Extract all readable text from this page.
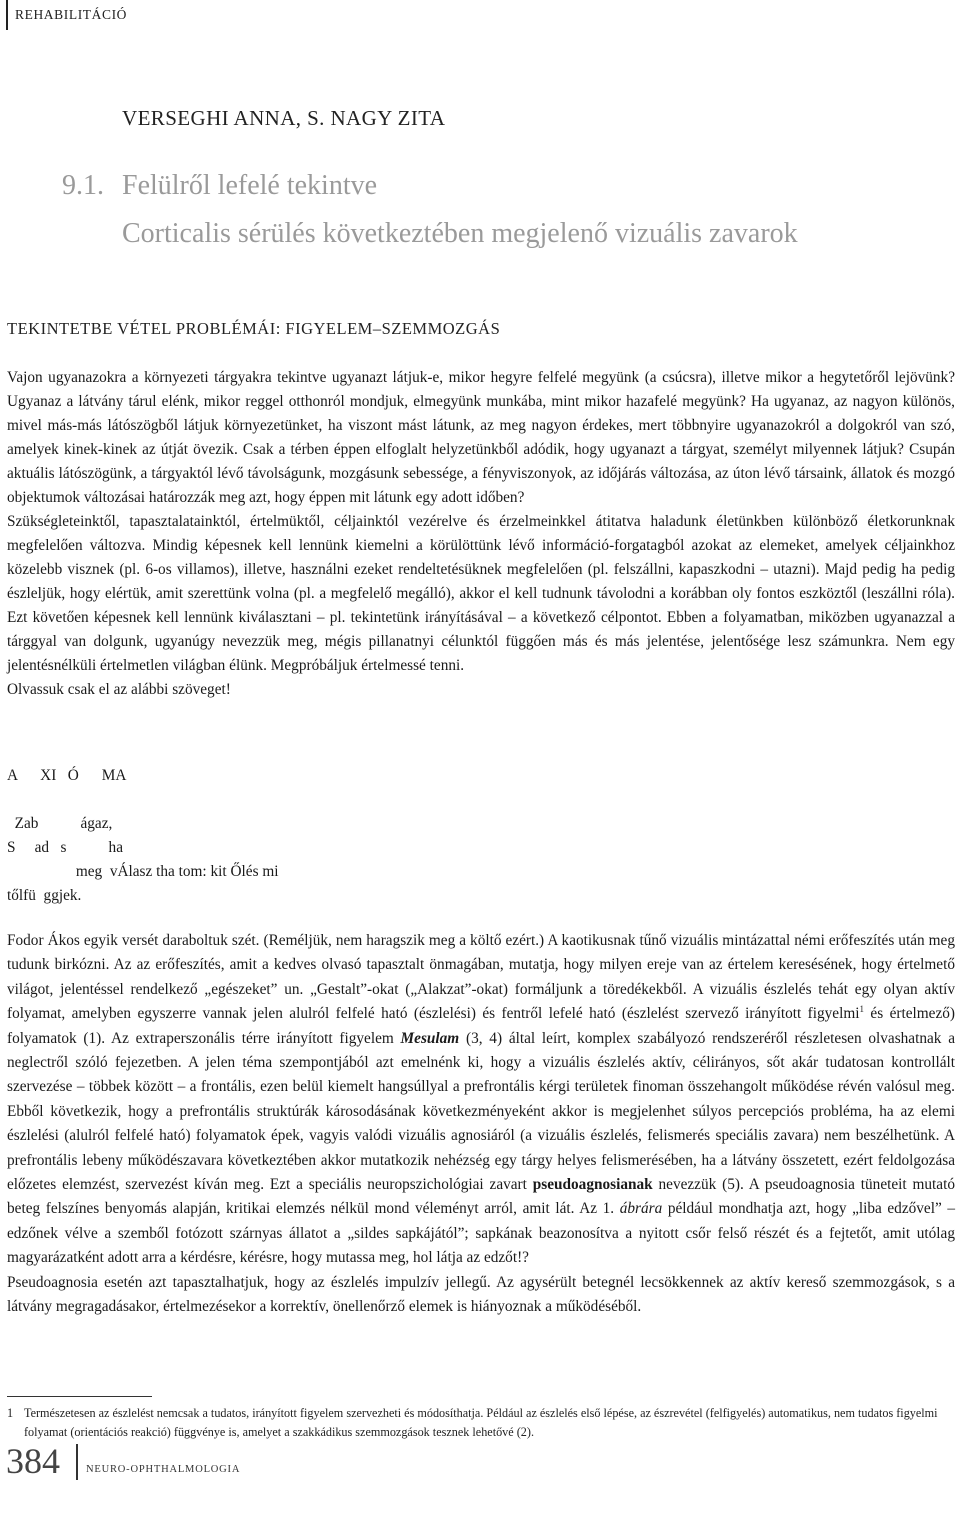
REHABILITÁCIÓ
VERSEGHI ANNA, S. NAGY ZITA
9.1. Felülről lefelé tekintve
Corticalis sérülés következtében megjelenő vizuális zavarok
TEKINTETBE VÉTEL PROBLÉMÁI: FIGYELEM–SZEMMOZGÁS

Vajon ugyanazokra a környezeti tárgyakra tekintve ugyanazt látjuk-e, mikor hegyre felfelé megyünk (a csúcsra), illetve mikor a hegytetőről lejövünk? Ugyanaz a látvány tárul elénk, mikor reggel otthonról mondjuk, elmegyünk munkába, mint mikor hazafelé megyünk? Ha ugyanaz, az nagyon különös, mivel más-más látószögből látjuk környezetünket, ha viszont mást látunk, az meg nagyon érdekes, mert többnyire ugyanazokról a dolgokról van szó, amelyek kinek-kinek az útját övezik. Csak a térben éppen elfoglalt helyzetünkből adódik, hogy ugyanazt a tárgyat, személyt milyennek látjuk? Csupán aktuális látószögünk, a tárgyaktól lévő távolságunk, mozgásunk sebessége, a fényviszonyok, az időjárás változása, az úton lévő társaink, állatok és mozgó objektumok változásai határozzák meg azt, hogy éppen mit látunk egy adott időben?

Szükségleteinktől, tapasztalatainktól, értelmüktől, céljainktól vezérelve és érzelmeinkkel átitatva haladunk életünkben különböző életkorunknak megfelelően változva. Mindig képesnek kell lennünk kiemelni a körülöttünk lévő információ-forgatagból azokat az elemeket, amelyek céljainkhoz közelebb visznek (pl. 6-os villamos), illetve, használni ezeket rendeltetésüknek megfelelően (pl. felszállni, kapaszkodni – utazni). Majd pedig ha pedig észleljük, hogy elértük, amit szerettünk volna (pl. a megfelelő megálló), akkor el kell tudnunk távolodni a korábban oly fontos eszköztől (leszállni róla). Ezt követően képesnek kell lennünk kiválasztani – pl. tekintetünk irányításával – a következő célpontot. Ebben a folyamatban, miközben ugyanazzal a tárggyal van dolgunk, ugyanúgy nevezzük meg, mégis pillanatnyi célunktól függően más és más jelentése, jelentősége lesz számunkra. Nem egy jelentésnélküli értelmetlen világban élünk. Megpróbáljuk értelmessé tenni.

Olvassuk csak el az alábbi szöveget!

A      XI   Ó      MA
Zab           ágaz,
S     ad   s           ha
meg  vÁlasz tha tom: kit Őlés mi
tőlfü  ggjek.

Fodor Ákos egyik versét daraboltuk szét. (Reméljük, nem haragszik meg a költő ezért.) A kaotikusnak tűnő vizuális mintázattal némi erőfeszítés után meg tudunk birkózni. Az az erőfeszítés, amit a kedves olvasó tapasztalt önmagában, mutatja, hogy milyen ereje van az értelem keresésének, hogy értelmető világot, jelentéssel rendelkező „egészeket” un. „Gestalt”-okat („Alakzat”-okat) formáljunk a töredékekből. A vizuális észlelés tehát egy olyan aktív folyamat, amelyben egyszerre vannak jelen alulról felfelé ható (észlelési) és fentről lefelé ható (észlelést szervező irányított figyelmi$^1$ és értelmező) folyamatok (1). Az extraperszonális térre irányított figyelem Mesulam (3, 4) által leírt, komplex szabályozó rendszeréről részletesen olvashatnak a neglectről szóló fejezetben. A jelen téma szempontjából azt emelnénk ki, hogy a vizuális észlelés aktív, célirányos, sőt akár tudatosan kontrollált szervezése – többek között – a frontális, ezen belül kiemelt hangsúllyal a prefrontális kérgi területek finoman összehangolt működése révén valósul meg. Ebből következik, hogy a prefrontális struktúrák károsodásának következményeként akkor is megjelenhet súlyos percepciós probléma, ha az elemi észlelési (alulról felfelé ható) folyamatok épek, vagyis valódi vizuális agnosiáról (a vizuális észlelés, felismerés speciális zavara) nem beszélhetünk. A prefrontális lebeny működészavara következtében akkor mutatkozik nehézség egy tárgy helyes felismerésében, ha a látvány összetett, ezért feldolgozása előzetes elemzést, szervezést kíván meg. Ezt a speciális neuropszichológiai zavart pseudoagnosianak nevezzük (5). A pseudoagnosia tüneteit mutató beteg felszínes benyomás alapján, kritikai elemzés nélkül mond véleményt arról, amit lát. Az 1. ábrára például mondhatja azt, hogy „liba edzővel” – edzőnek vélve a szemből fotózott szárnyas állatot a „sildes sapkájától”; sapkának beazonosítva a nyitott csőr felső részét és a fejtetőt, amit utólag magyarázatként adott arra a kérdésre, kérésre, hogy mutassa meg, hol látja az edzőt!?

Pseudoagnosia esetén azt tapasztalhatjuk, hogy az észlelés impulzív jellegű. Az agysérült betegnél lecsökkennek az aktív kereső szemmozgások, s a látvány megragadásakor, értelmezésekor a korrektív, önellenőrző elemek is hiányoznak a működéséből.

1 Természetesen az észlelést nemcsak a tudatos, irányított figyelem szervezheti és módosíthatja. Például az észlelés első lépése, az észrevétel (felfigyelés) automatikus, nem tudatos figyelmi folyamat (orientációs reakció) függvénye is, amelyet a szakkádikus szemmozgások tesznek lehetővé (2).
384 NEURO-OPHTHALMOLOGIA
